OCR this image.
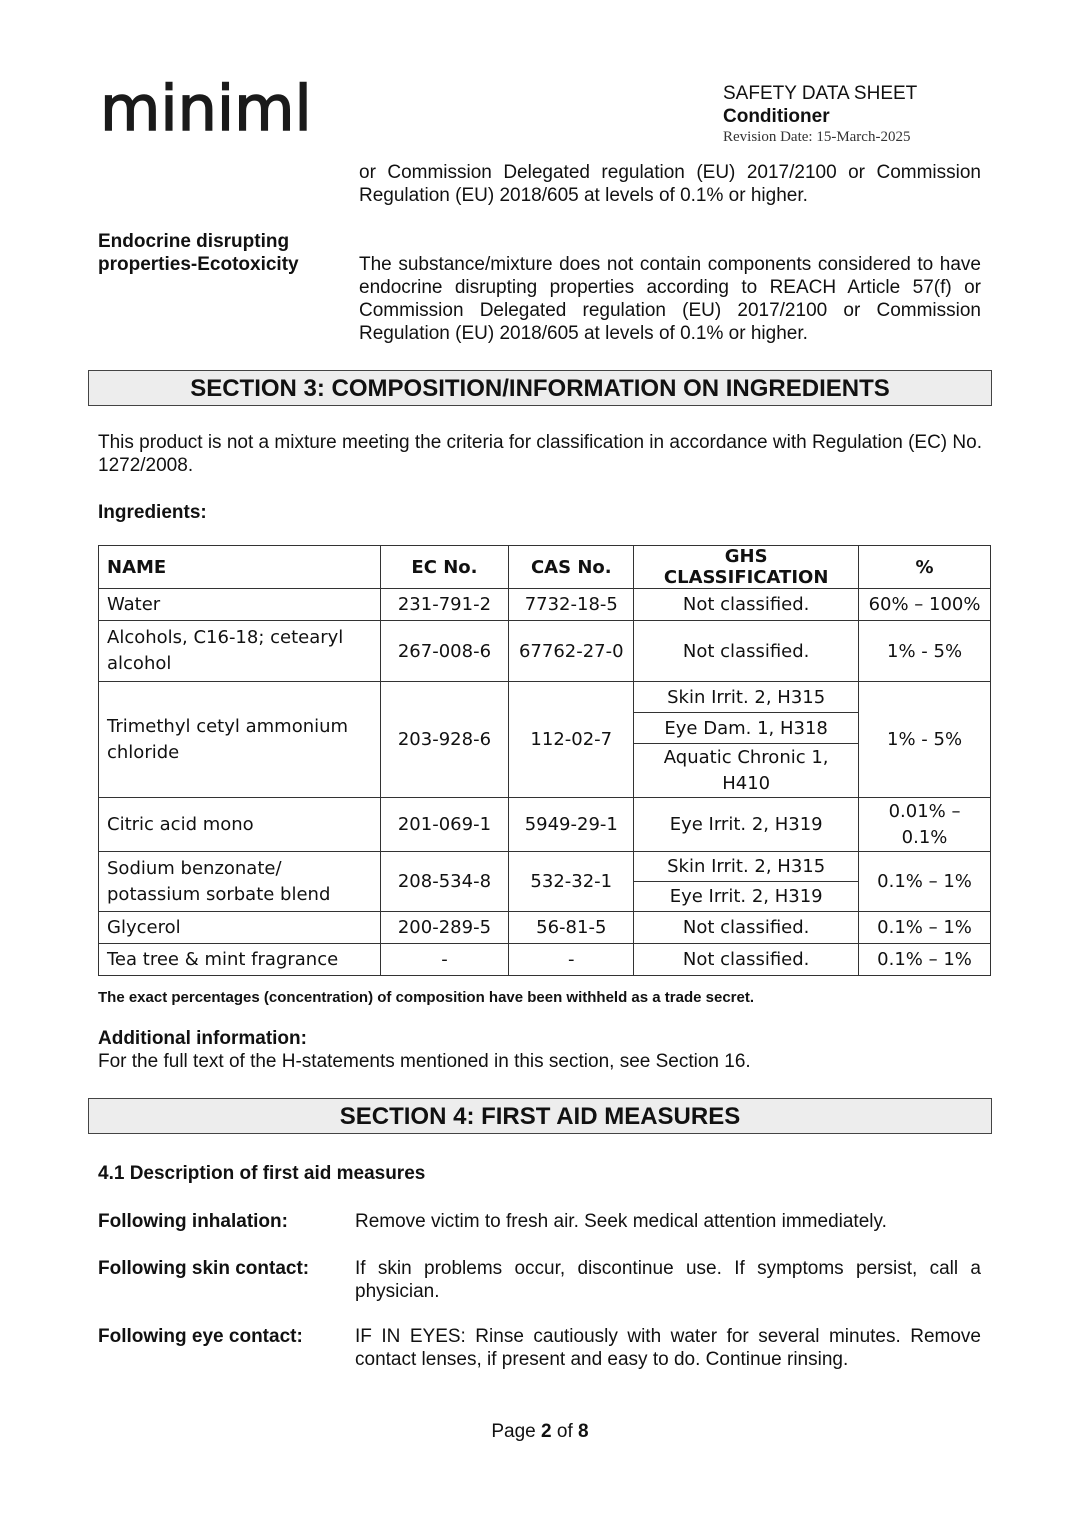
miniml	SAFETY DATA SHEET
Conditioner
Revision Date: 15-March-2025
or Commission Delegated regulation (EU) 2017/2100 or Commission Regulation (EU) 2018/605 at levels of 0.1% or higher.
Endocrine disrupting
properties-Ecotoxicity	The substance/mixture does not contain components considered to have endocrine disrupting properties according to REACH Article 57(f) or Commission Delegated regulation (EU) 2017/2100 or Commission Regulation (EU) 2018/605 at levels of 0.1% or higher.
SECTION 3: COMPOSITION/INFORMATION ON INGREDIENTS
This product is not a mixture meeting the criteria for classification in accordance with Regulation (EC) No. 1272/2008.
Ingredients:
NAME	EC No.	CAS No.	GHS CLASSIFICATION	%
Water	231-791-2	7732-18-5	Not classified.	60% – 100%
Alcohols, C16-18; cetearyl alcohol	267-008-6	67762-27-0	Not classified.	1% - 5%
Trimethyl cetyl ammonium chloride	203-928-6	112-02-7	Skin Irrit. 2, H315	1% - 5%
			Eye Dam. 1, H318	
			Aquatic Chronic 1, H410	
Citric acid mono	201-069-1	5949-29-1	Eye Irrit. 2, H319	0.01% – 0.1%
Sodium benzonate/ potassium sorbate blend	208-534-8	532-32-1	Skin Irrit. 2, H315	0.1% – 1%
			Eye Irrit. 2, H319	
Glycerol	200-289-5	56-81-5	Not classified.	0.1% – 1%
Tea tree & mint fragrance	-	-	Not classified.	0.1% – 1%
The exact percentages (concentration) of composition have been withheld as a trade secret.
Additional information:
For the full text of the H-statements mentioned in this section, see Section 16.
SECTION 4: FIRST AID MEASURES
4.1 Description of first aid measures
Following inhalation:	Remove victim to fresh air. Seek medical attention immediately.
Following skin contact: If skin problems occur, discontinue use. If symptoms persist, call a physician.
Following eye contact:	IF IN EYES: Rinse cautiously with water for several minutes. Remove contact lenses, if present and easy to do. Continue rinsing.
Page 2 of 8
